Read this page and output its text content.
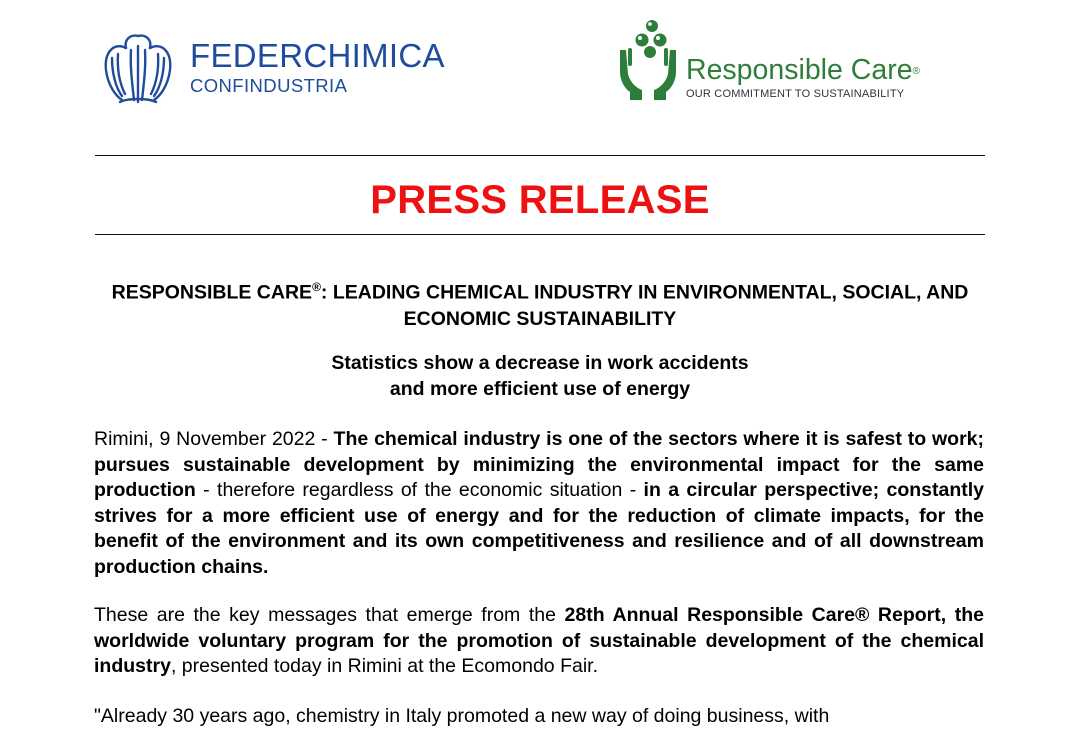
FEDERCHIMICA
CONFINDUSTRIA	Responsible Care®
OUR COMMITMENT TO SUSTAINABILITY
PRESS RELEASE
RESPONSIBLE CARE®: LEADING CHEMICAL INDUSTRY IN ENVIRONMENTAL, SOCIAL, AND ECONOMIC SUSTAINABILITY
Statistics show a decrease in work accidents
and more efficient use of energy
Rimini, 9 November 2022 - The chemical industry is one of the sectors where it is safest to work; pursues sustainable development by minimizing the environmental impact for the same production - therefore regardless of the economic situation - in a circular perspective; constantly strives for a more efficient use of energy and for the reduction of climate impacts, for the benefit of the environment and its own competitiveness and resilience and of all downstream production chains.
These are the key messages that emerge from the 28th Annual Responsible Care® Report, the worldwide voluntary program for the promotion of sustainable development of the chemical industry, presented today in Rimini at the Ecomondo Fair.
"Already 30 years ago, chemistry in Italy promoted a new way of doing business, with
